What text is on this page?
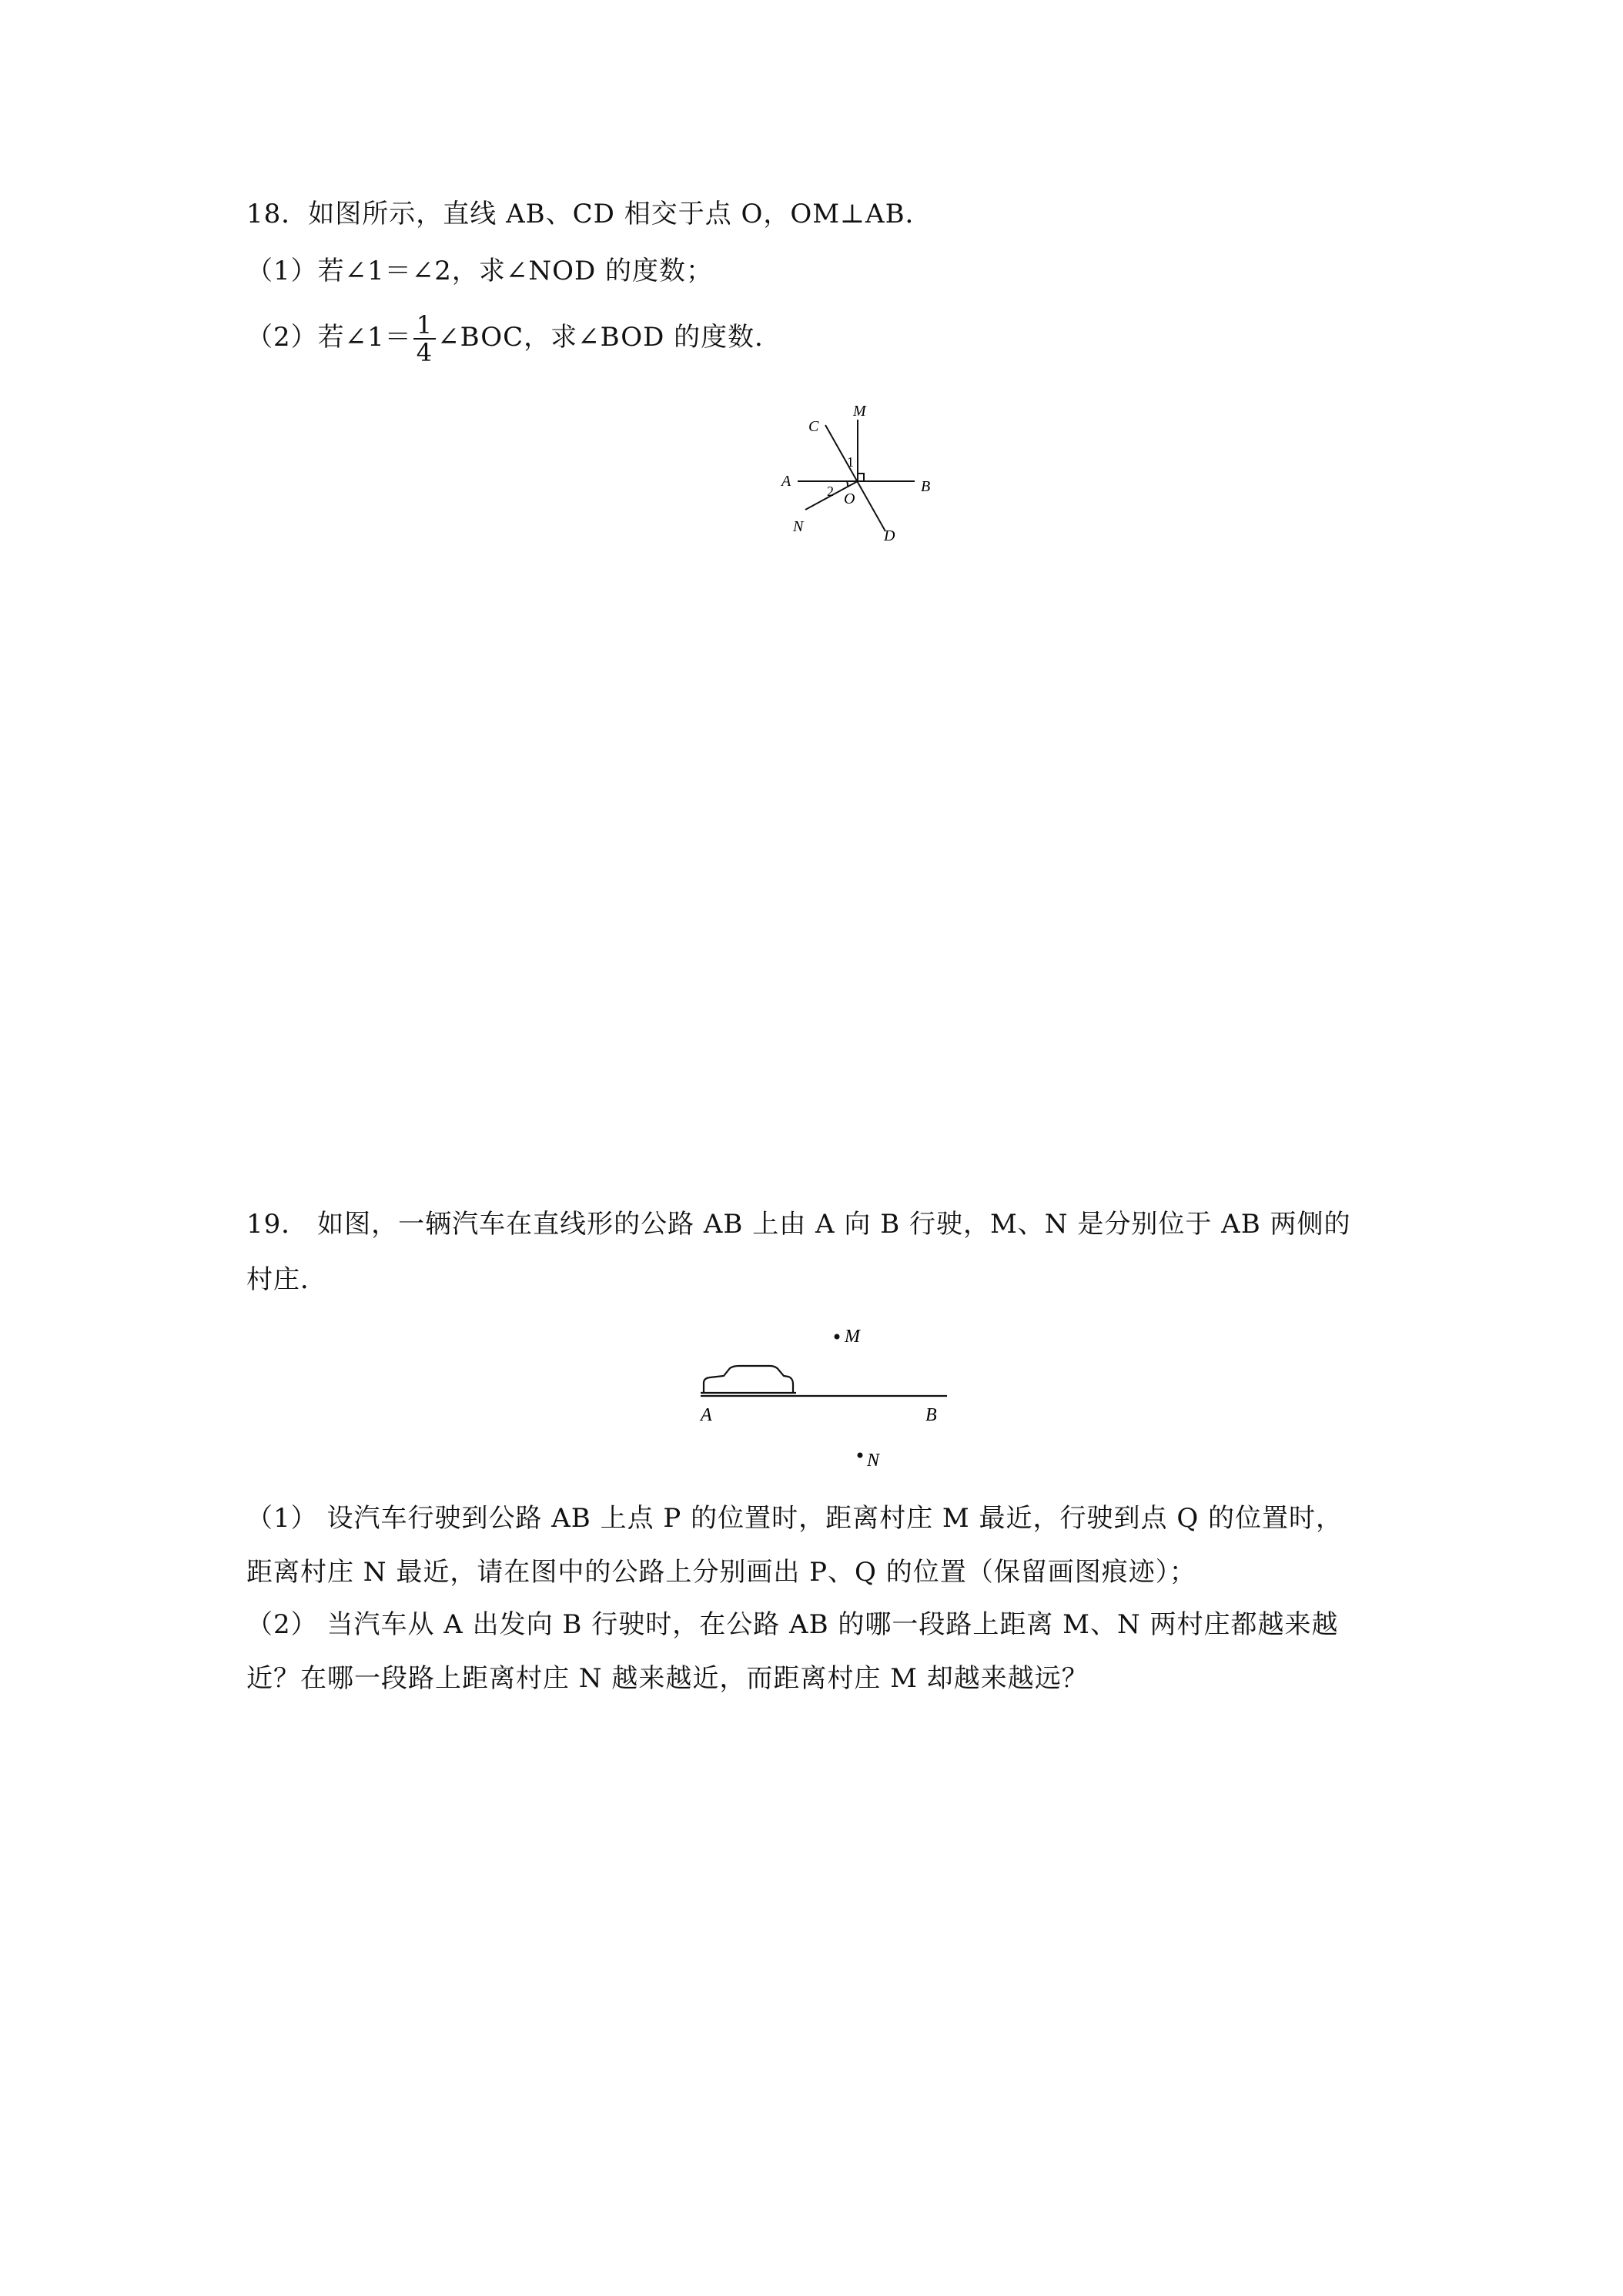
18．如图所示，直线 AB、CD 相交于点 O，OM⊥AB．
（1）若∠1＝∠2，求∠NOD 的度数；
（2）若∠1＝ $\frac{1}{4}$ ∠BOC，求∠BOD 的度数．
M
C
1
A	B
2 O
N
D
19． 如图，一辆汽车在直线形的公路 AB 上由 A 向 B 行驶，M、N 是分别位于 AB 两侧的
村庄．
M
A	B
N
（1） 设汽车行驶到公路 AB 上点 P 的位置时，距离村庄 M 最近，行驶到点 Q 的位置时，
距离村庄 N 最近，请在图中的公路上分别画出 P、Q 的位置（保留画图痕迹）；
（2） 当汽车从 A 出发向 B 行驶时，在公路 AB 的哪一段路上距离 M、N 两村庄都越来越
近？在哪一段路上距离村庄 N 越来越近，而距离村庄 M 却越来越远？
